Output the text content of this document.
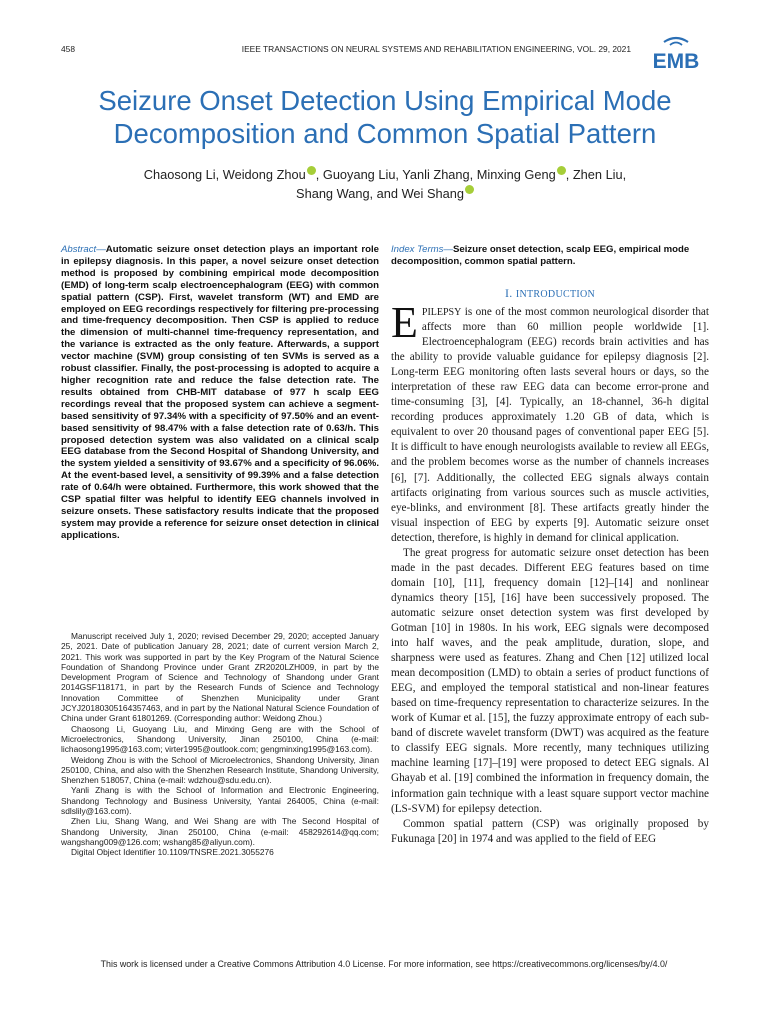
458	IEEE TRANSACTIONS ON NEURAL SYSTEMS AND REHABILITATION ENGINEERING, VOL. 29, 2021
EMB
Seizure Onset Detection Using Empirical Mode Decomposition and Common Spatial Pattern
Chaosong Li, Weidong Zhou , Guoyang Liu, Yanli Zhang, Minxing Geng , Zhen Liu,
Shang Wang, and Wei Shang
Abstract—Automatic seizure onset detection plays an important role in epilepsy diagnosis. In this paper, a novel seizure onset detection method is proposed by combining empirical mode decomposition (EMD) of long-term scalp electroencephalogram (EEG) with common spatial pattern (CSP). First, wavelet transform (WT) and EMD are employed on EEG recordings respectively for filtering pre-processing and time-frequency decomposition. Then CSP is applied to reduce the dimension of multi-channel time-frequency representation, and the variance is extracted as the only feature. Afterwards, a support vector machine (SVM) group consisting of ten SVMs is served as a robust classifier. Finally, the post-processing is adopted to acquire a higher recognition rate and reduce the false detection rate. The results obtained from CHB-MIT database of 977 h scalp EEG recordings reveal that the proposed system can achieve a segment-based sensitivity of 97.34% with a specificity of 97.50% and an event-based sensitivity of 98.47% with a false detection rate of 0.63/h. This proposed detection system was also validated on a clinical scalp EEG database from the Second Hospital of Shandong University, and the system yielded a sensitivity of 93.67% and a specificity of 96.06%. At the event-based level, a sensitivity of 99.39% and a false detection rate of 0.64/h were obtained. Furthermore, this work showed that the CSP spatial filter was helpful to identify EEG channels involved in seizure onsets. These satisfactory results indicate that the proposed system may provide a reference for seizure onset detection in clinical applications.

Manuscript received July 1, 2020; revised December 29, 2020; accepted January 25, 2021. Date of publication January 28, 2021; date of current version March 2, 2021. This work was supported in part by the Key Program of the Natural Science Foundation of Shandong Province under Grant ZR2020LZH009, in part by the Development Program of Science and Technology of Shandong under Grant 2014GSF118171, in part by the Research Funds of Science and Technology Innovation Committee of Shenzhen Municipality under Grant JCYJ20180305164357463, and in part by the National Natural Science Foundation of China under Grant 61801269. (Corresponding author: Weidong Zhou.)

Chaosong Li, Guoyang Liu, and Minxing Geng are with the School of Microelectronics, Shandong University, Jinan 250100, China (e-mail: lichaosong1995@163.com; virter1995@outlook.com; gengminxing1995@163.com).

Weidong Zhou is with the School of Microelectronics, Shandong University, Jinan 250100, China, and also with the Shenzhen Research Institute, Shandong University, Shenzhen 518057, China (e-mail: wdzhou@sdu.edu.cn).

Yanli Zhang is with the School of Information and Electronic Engineering, Shandong Technology and Business University, Yantai 264005, China (e-mail: sdlslily@163.com).

Zhen Liu, Shang Wang, and Wei Shang are with The Second Hospital of Shandong University, Jinan 250100, China (e-mail: 458292614@qq.com; wangshang009@126.com; wshang85@aliyun.com).

Digital Object Identifier 10.1109/TNSRE.2021.3055276

Index Terms—Seizure onset detection, scalp EEG, empirical mode decomposition, common spatial pattern.
I. INTRODUCTION

EPILEPSY is one of the most common neurological disorder that affects more than 60 million people worldwide [1]. Electroencephalogram (EEG) records brain activities and has the ability to provide valuable guidance for epilepsy diagnosis [2]. Long-term EEG monitoring often lasts several hours or days, so the interpretation of these raw EEG data can become error-prone and time-consuming [3], [4]. Typically, an 18-channel, 36-h digital recording produces approximately 1.20 GB of data, which is equivalent to over 20 thousand pages of conventional paper EEG [5]. It is difficult to have enough neurologists available to review all EEGs, and the problem becomes worse as the number of channels increases [6], [7]. Additionally, the collected EEG signals always contain artifacts originating from various sources such as muscle activities, eye-blinks, and environment [8]. These artifacts greatly hinder the visual inspection of EEG by experts [9]. Automatic seizure onset detection, therefore, is highly in demand for clinical application.

The great progress for automatic seizure onset detection has been made in the past decades. Different EEG features based on time domain [10], [11], frequency domain [12]–[14] and nonlinear dynamics theory [15], [16] have been successively proposed. The automatic seizure onset detection system was first developed by Gotman [10] in 1980s. In his work, EEG signals were decomposed into half waves, and the peak amplitude, duration, slope, and sharpness were used as features. Zhang and Chen [12] utilized local mean decomposition (LMD) to obtain a series of product functions of EEG, and employed the temporal statistical and non-linear features based on time-frequency representation to characterize seizures. In the work of Kumar et al. [15], the fuzzy approximate entropy of each sub-band of discrete wavelet transform (DWT) was acquired as the feature to classify EEG signals. More recently, many techniques utilizing machine learning [17]–[19] were proposed to detect EEG signals. Al Ghayab et al. [19] combined the information in frequency domain, the information gain technique with a least square support vector machine (LS-SVM) for epilepsy detection.

Common spatial pattern (CSP) was originally proposed by Fukunaga [20] in 1974 and was applied to the field of EEG

This work is licensed under a Creative Commons Attribution 4.0 License. For more information, see https://creativecommons.org/licenses/by/4.0/
